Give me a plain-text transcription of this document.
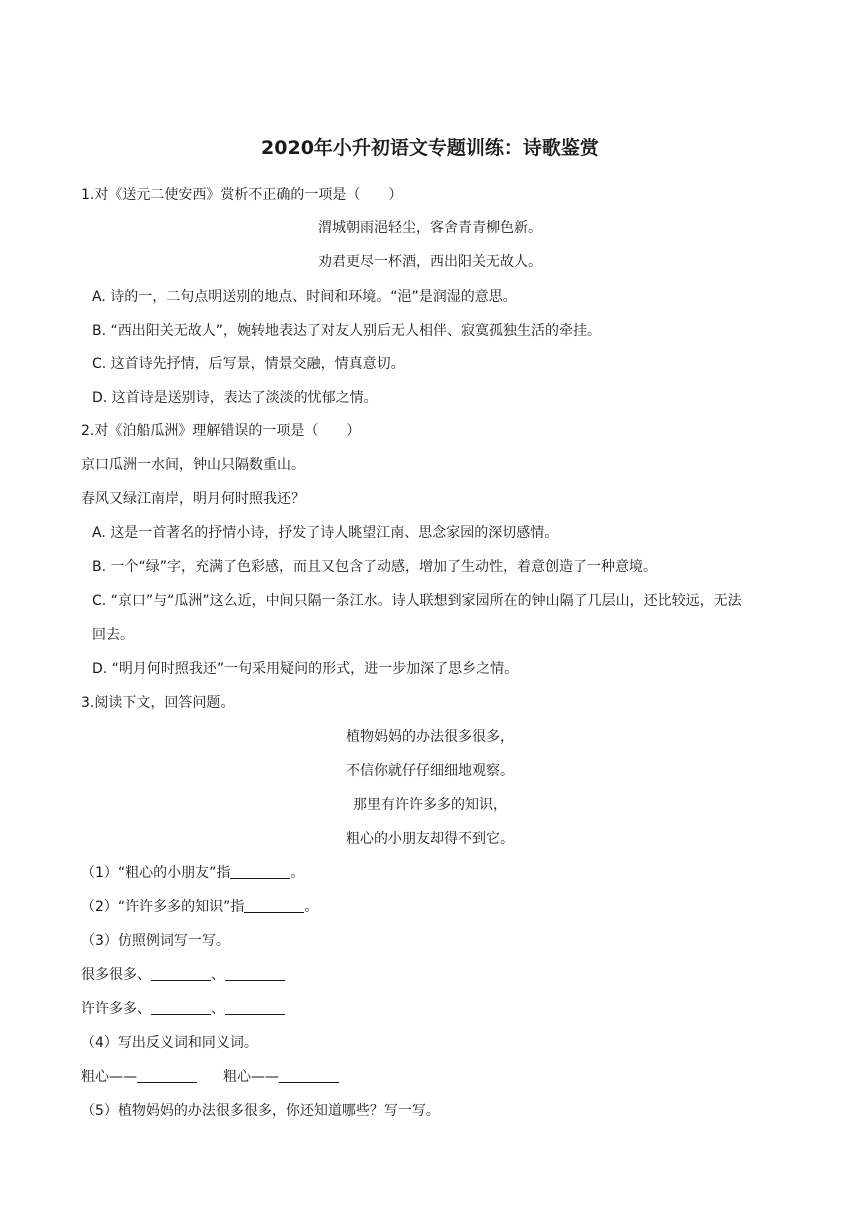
2020年小升初语文专题训练：诗歌鉴赏
1.对《送元二使安西》赏析不正确的一项是（　　）
渭城朝雨浥轻尘，客舍青青柳色新。
劝君更尽一杯酒，西出阳关无故人。
A. 诗的一，二句点明送别的地点、时间和环境。“浥”是润湿的意思。
B. “西出阳关无故人”，婉转地表达了对友人别后无人相伴、寂寞孤独生活的牵挂。
C. 这首诗先抒情，后写景，情景交融，情真意切。
D. 这首诗是送别诗，表达了淡淡的忧郁之情。
2.对《泊船瓜洲》理解错误的一项是（　　）
京口瓜洲一水间，钟山只隔数重山。
春风又绿江南岸，明月何时照我还？
A. 这是一首著名的抒情小诗，抒发了诗人眺望江南、思念家园的深切感情。
B. 一个“绿”字，充满了色彩感，而且又包含了动感，增加了生动性，着意创造了一种意境。
C. “京口”与“瓜洲”这么近，中间只隔一条江水。诗人联想到家园所在的钟山隔了几层山，还比较远，无法
回去。
D. “明月何时照我还”一句采用疑问的形式，进一步加深了思乡之情。
3.阅读下文，回答问题。
植物妈妈的办法很多很多，
不信你就仔仔细细地观察。
那里有许许多多的知识，
粗心的小朋友却得不到它。
（1）“粗心的小朋友”指	。
（2）“许许多多的知识”指	。
（3）仿照例词写一写。
很多很多、	、
许许多多、	、
（4）写出反义词和同义词。
粗心——	粗心——
（5）植物妈妈的办法很多很多，你还知道哪些？写一写。
